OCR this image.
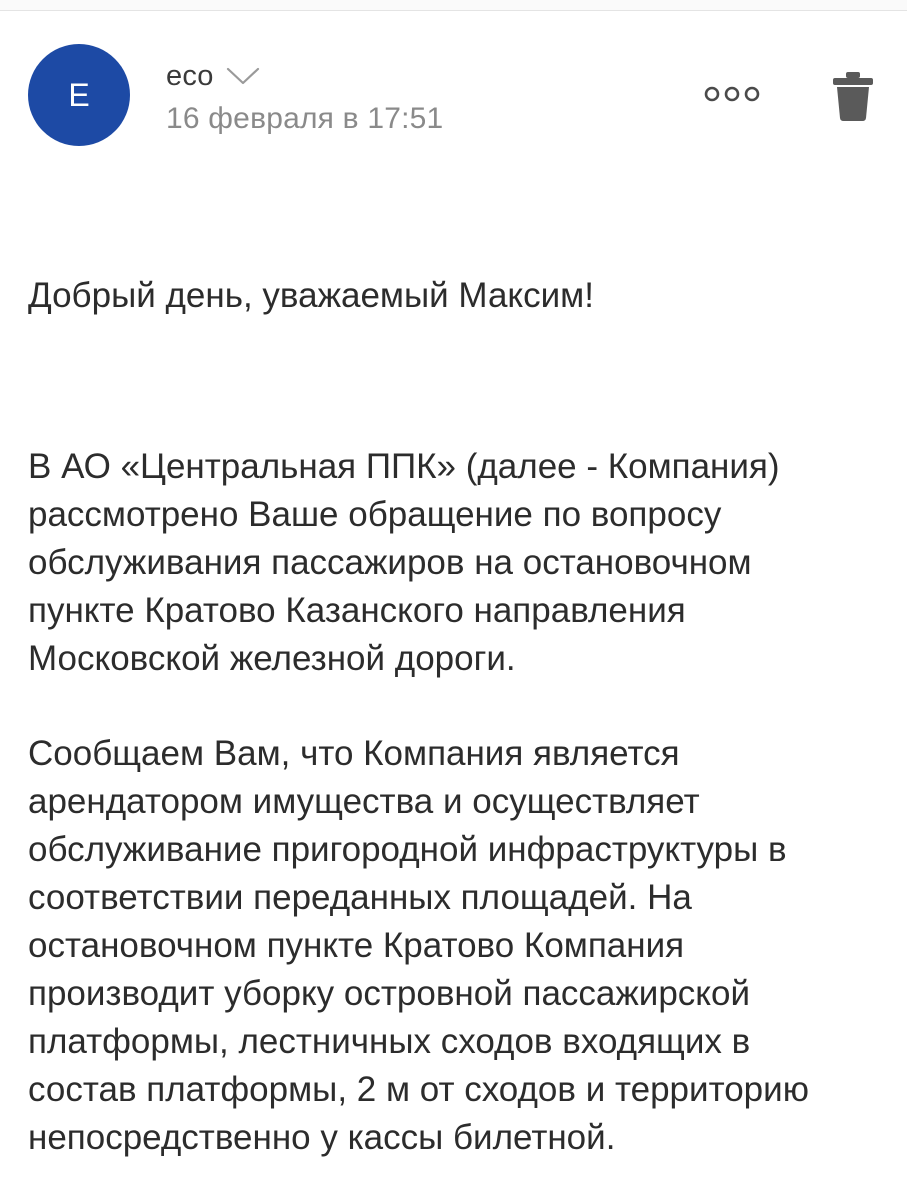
E
eco
16 февраля в 17:51
Добрый день, уважаемый Максим!
В АО «Центральная ППК» (далее - Компания)
рассмотрено Ваше обращение по вопросу
обслуживания пассажиров на остановочном
пункте Кратово Казанского направления
Московской железной дороги.
Сообщаем Вам, что Компания является
арендатором имущества и осуществляет
обслуживание пригородной инфраструктуры в
соответствии переданных площадей. На
остановочном пункте Кратово Компания
производит уборку островной пассажирской
платформы, лестничных сходов входящих в
состав платформы, 2 м от сходов и территорию
непосредственно у кассы билетной.
